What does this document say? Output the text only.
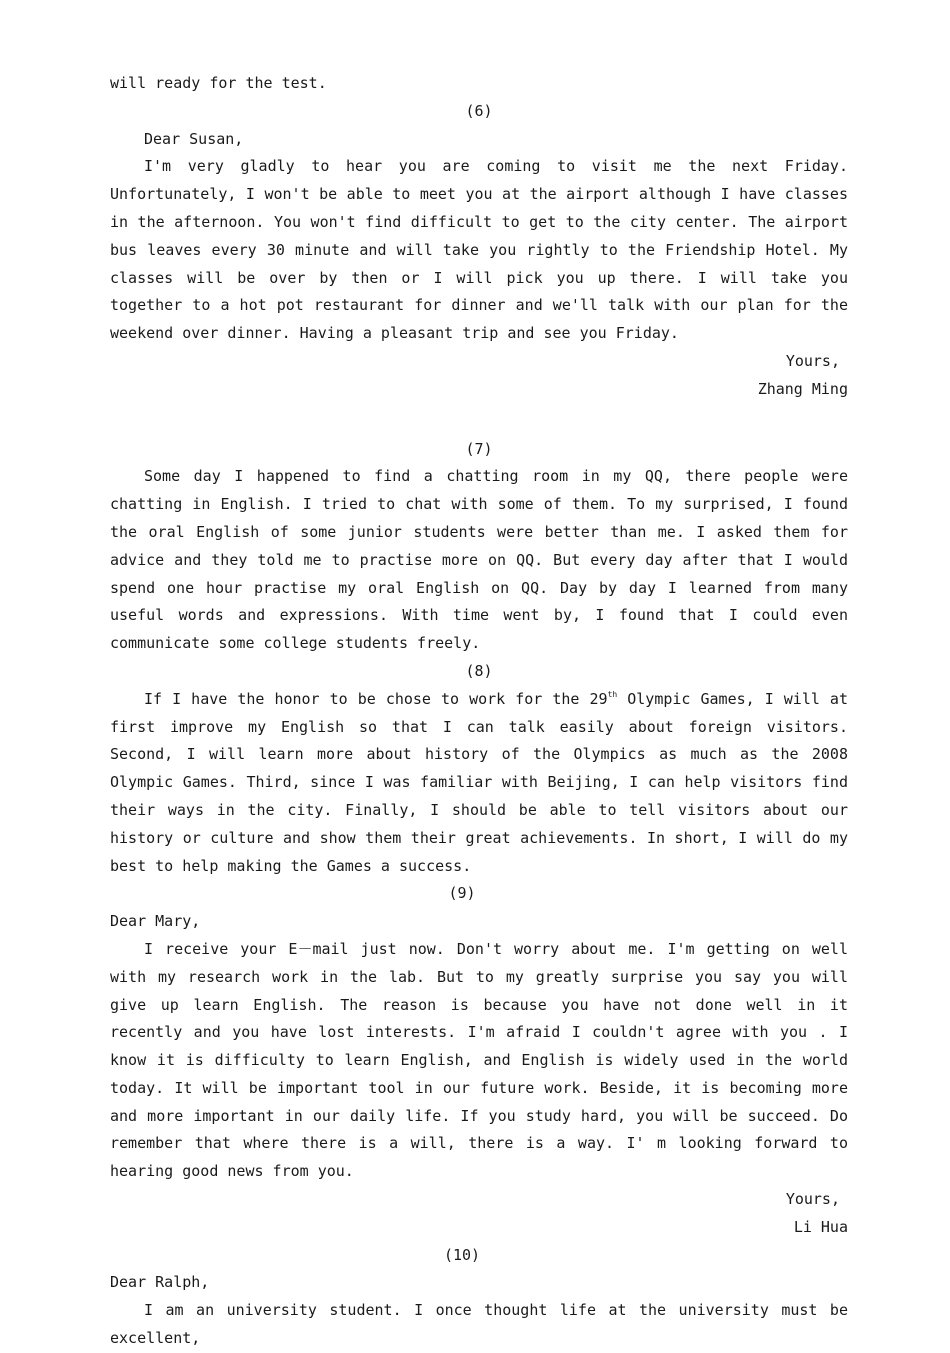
will ready for the test.
(6)
Dear Susan,
I'm very gladly to hear you are coming to visit me the next Friday. Unfortunately, I won't be able to meet you at the airport although I have classes in the afternoon. You won't find difficult to get to the city center. The airport bus leaves every 30 minute and will take you rightly to the Friendship Hotel. My classes will be over by then or I will pick you up there. I will take you together to a hot pot restaurant for dinner and we'll talk with our plan for the weekend over dinner. Having a pleasant trip and see you Friday.
Yours,
Zhang Ming
(7)
Some day I happened to find a chatting room in my QQ, there people were chatting in English. I tried to chat with some of them. To my surprised, I found the oral English of some junior students were better than me. I asked them for advice and they told me to practise more on QQ. But every day after that I would spend one hour practise my oral English on QQ. Day by day I learned from many useful words and expressions. With time went by, I found that I could even communicate some college students freely.
(8)
If I have the honor to be chose to work for the 29th Olympic Games, I will at first improve my English so that I can talk easily about foreign visitors. Second, I will learn more about history of the Olympics as much as the 2008 Olympic Games. Third, since I was familiar with Beijing, I can help visitors find their ways in the city. Finally, I should be able to tell visitors about our history or culture and show them their great achievements. In short, I will do my best to help making the Games a success.
(9)
Dear Mary,
I receive your E－mail just now. Don't worry about me. I'm getting on well with my research work in the lab. But to my greatly surprise you say you will give up learn English. The reason is because you have not done well in it recently and you have lost interests. I'm afraid I couldn't agree with you . I know it is difficulty to learn English, and English is widely used in the world today. It will be important tool in our future work. Beside, it is becoming more and more important in our daily life. If you study hard, you will be succeed. Do remember that where there is a will, there is a way. I' m looking forward to hearing good news from you.
Yours,
Li Hua
(10)
Dear Ralph,
I am an university student. I once thought life at the university must be excellent,
